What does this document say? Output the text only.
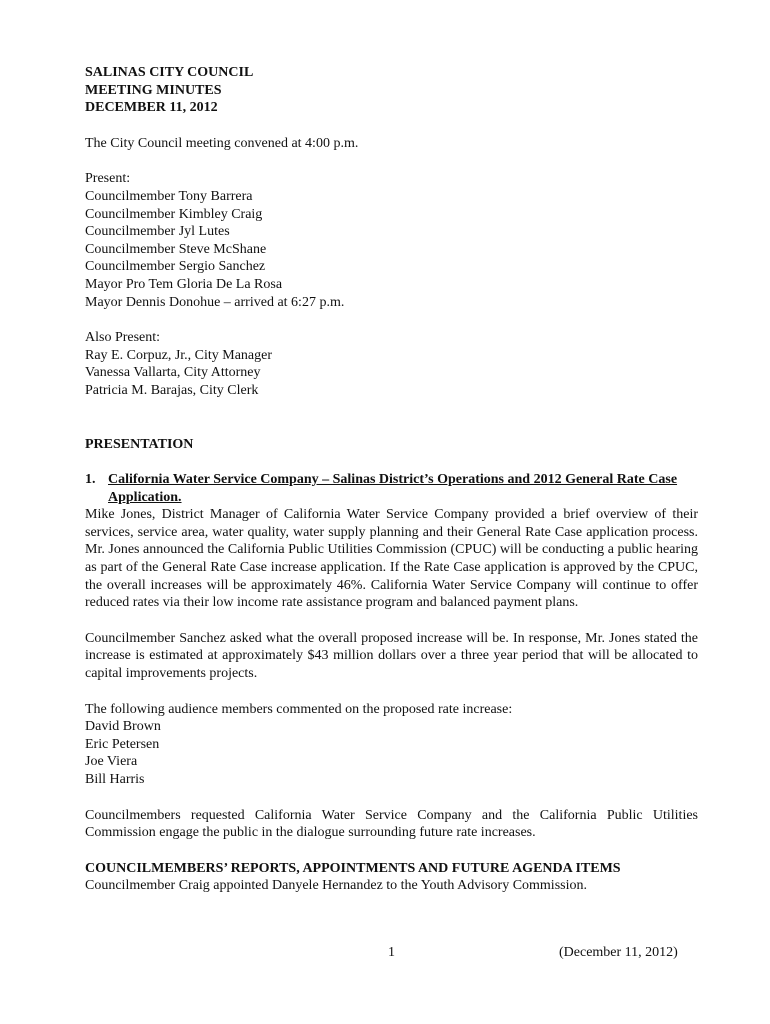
SALINAS CITY COUNCIL
MEETING MINUTES
DECEMBER 11, 2012
The City Council meeting convened at 4:00 p.m.
Present:
Councilmember Tony Barrera
Councilmember Kimbley Craig
Councilmember Jyl Lutes
Councilmember Steve McShane
Councilmember Sergio Sanchez
Mayor Pro Tem Gloria De La Rosa
Mayor Dennis Donohue – arrived at 6:27 p.m.
Also Present:
Ray E. Corpuz, Jr., City Manager
Vanessa Vallarta, City Attorney
Patricia M. Barajas, City Clerk
PRESENTATION

1. California Water Service Company – Salinas District’s Operations and 2012 General Rate Case Application.

Mike Jones, District Manager of California Water Service Company provided a brief overview of their services, service area, water quality, water supply planning and their General Rate Case application process. Mr. Jones announced the California Public Utilities Commission (CPUC) will be conducting a public hearing as part of the General Rate Case increase application. If the Rate Case application is approved by the CPUC, the overall increases will be approximately 46%. California Water Service Company will continue to offer reduced rates via their low income rate assistance program and balanced payment plans.

Councilmember Sanchez asked what the overall proposed increase will be. In response, Mr. Jones stated the increase is estimated at approximately $43 million dollars over a three year period that will be allocated to capital improvements projects.

The following audience members commented on the proposed rate increase:
David Brown
Eric Petersen
Joe Viera
Bill Harris

Councilmembers requested California Water Service Company and the California Public Utilities Commission engage the public in the dialogue surrounding future rate increases.

COUNCILMEMBERS’ REPORTS, APPOINTMENTS AND FUTURE AGENDA ITEMS
Councilmember Craig appointed Danyele Hernandez to the Youth Advisory Commission.
1	(December 11, 2012)
